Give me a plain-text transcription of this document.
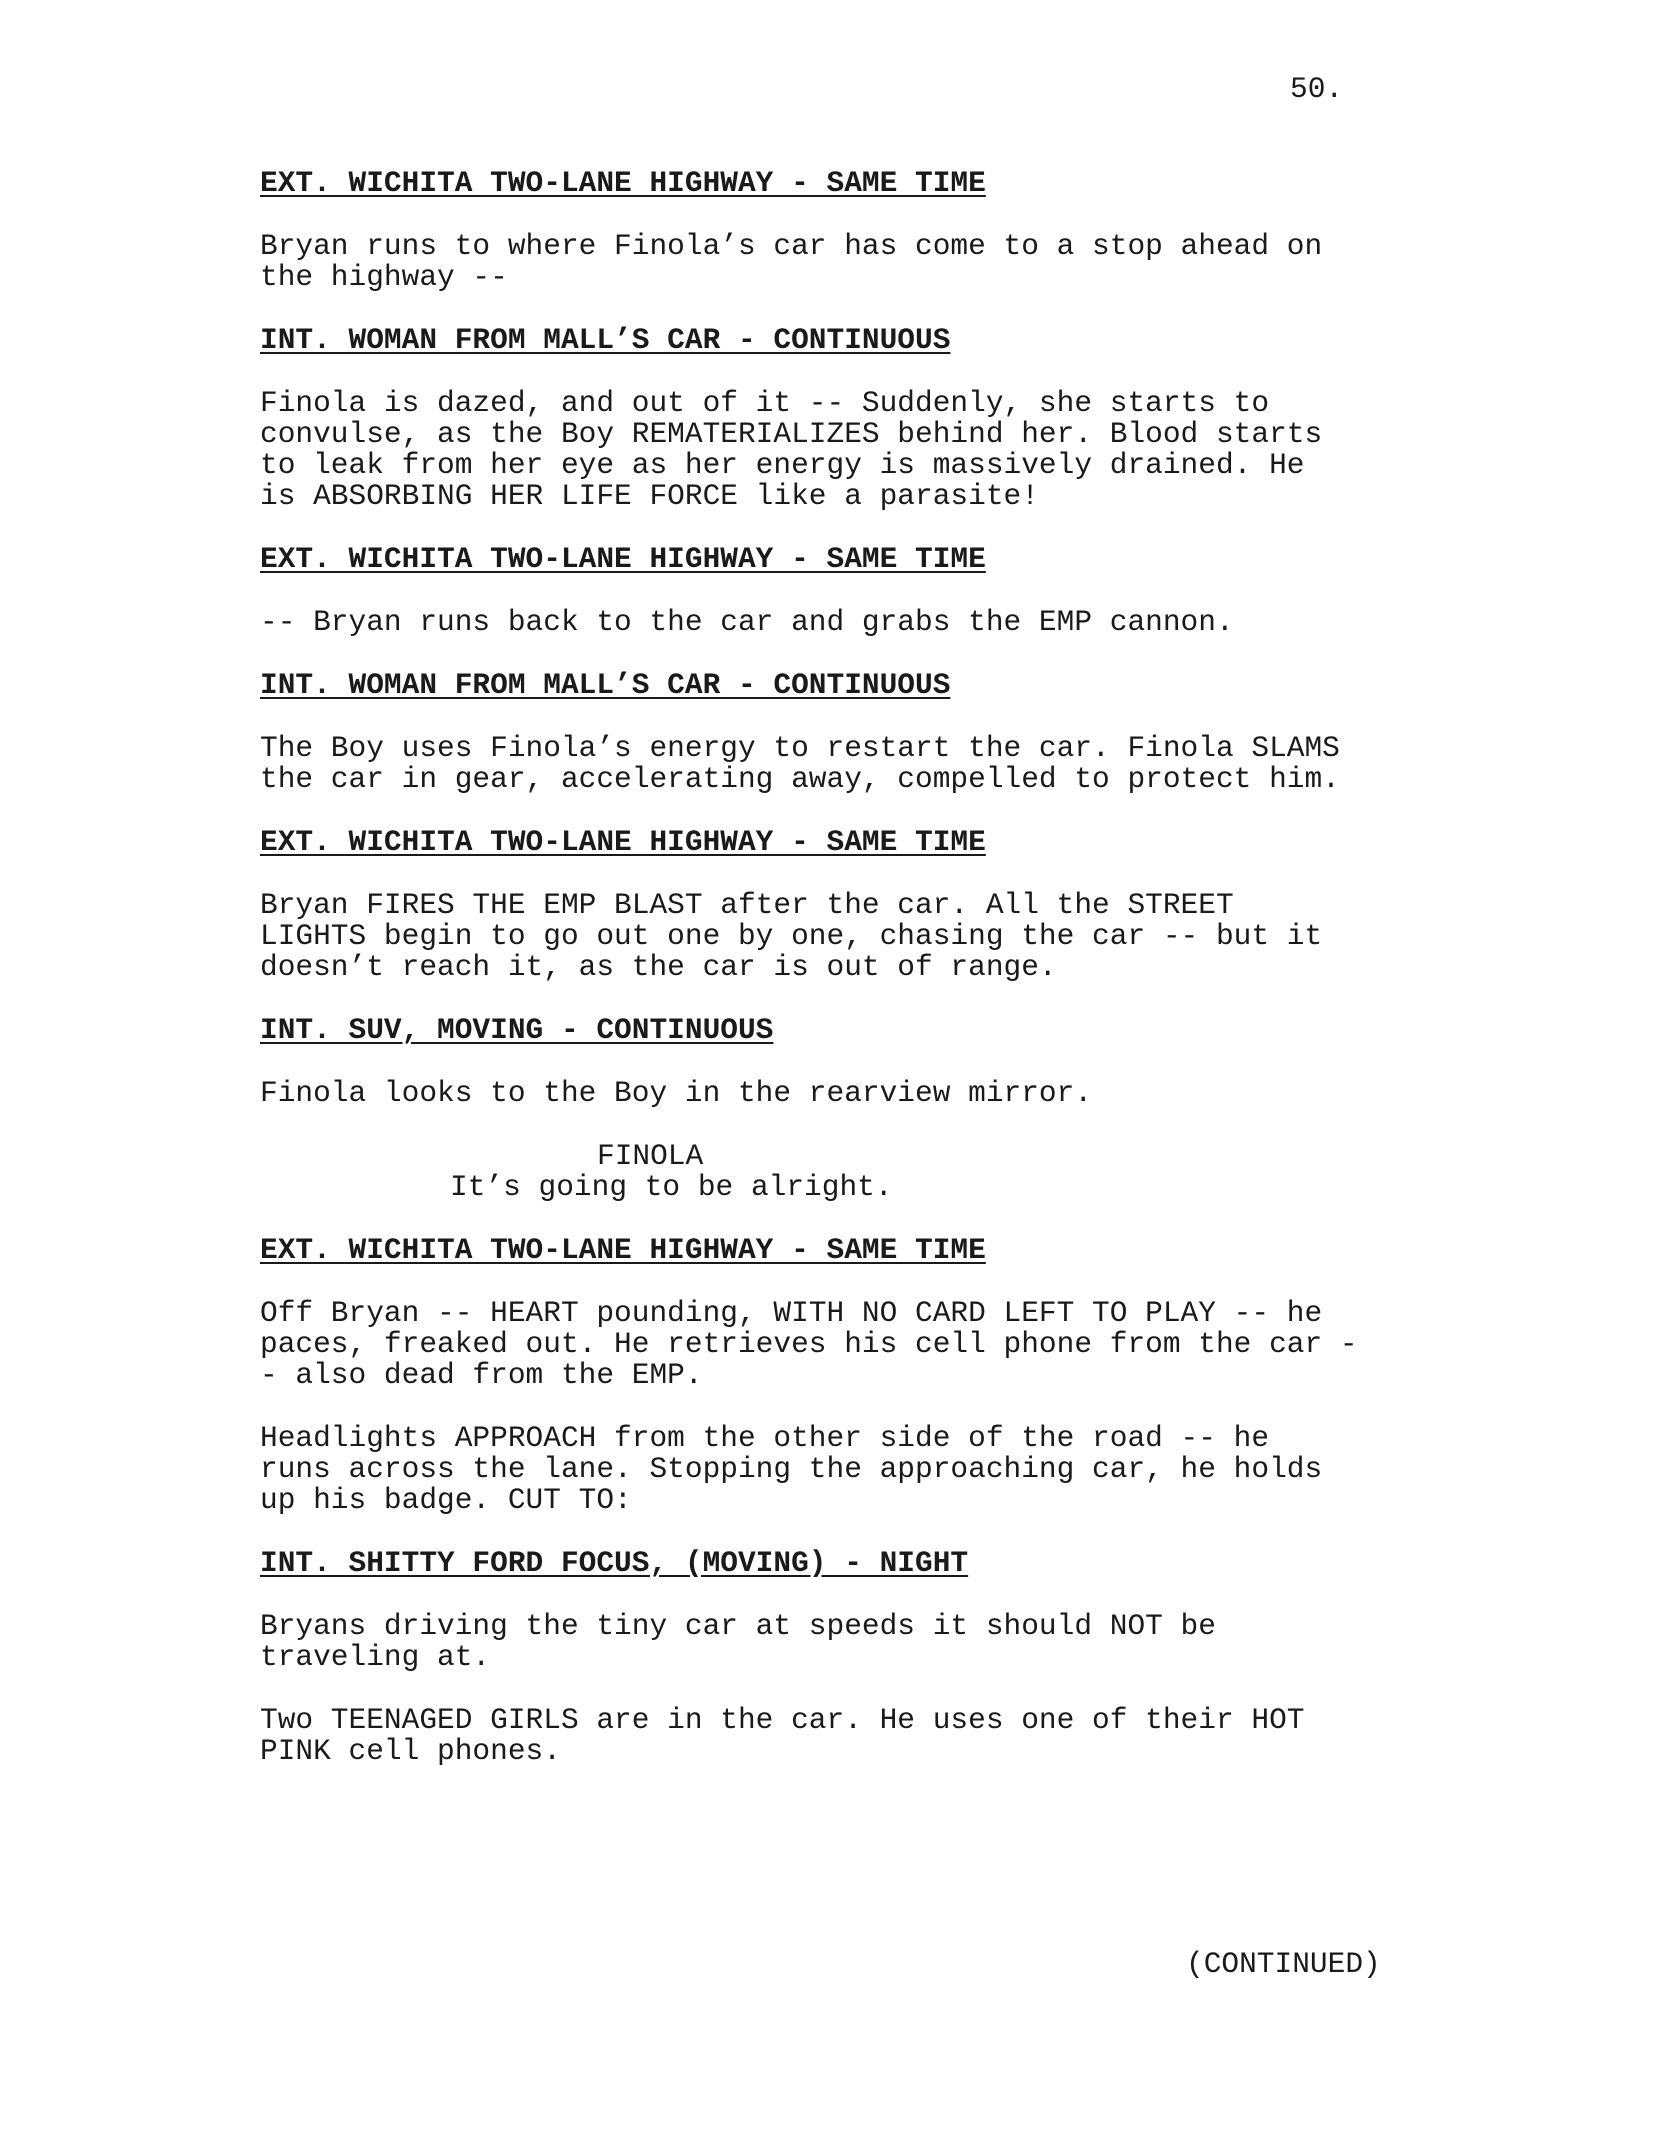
50.
EXT. WICHITA TWO-LANE HIGHWAY - SAME TIME
Bryan runs to where Finola’s car has come to a stop ahead on
the highway --
INT. WOMAN FROM MALL’S CAR - CONTINUOUS
Finola is dazed, and out of it -- Suddenly, she starts to
convulse, as the Boy REMATERIALIZES behind her. Blood starts
to leak from her eye as her energy is massively drained. He
is ABSORBING HER LIFE FORCE like a parasite!
EXT. WICHITA TWO-LANE HIGHWAY - SAME TIME
-- Bryan runs back to the car and grabs the EMP cannon.
INT. WOMAN FROM MALL’S CAR - CONTINUOUS
The Boy uses Finola’s energy to restart the car. Finola SLAMS
the car in gear, accelerating away, compelled to protect him.
EXT. WICHITA TWO-LANE HIGHWAY - SAME TIME
Bryan FIRES THE EMP BLAST after the car. All the STREET
LIGHTS begin to go out one by one, chasing the car -- but it
doesn’t reach it, as the car is out of range.
INT. SUV, MOVING - CONTINUOUS
Finola looks to the Boy in the rearview mirror.
FINOLA
It’s going to be alright.
EXT. WICHITA TWO-LANE HIGHWAY - SAME TIME
Off Bryan -- HEART pounding, WITH NO CARD LEFT TO PLAY -- he
paces, freaked out. He retrieves his cell phone from the car -
- also dead from the EMP.
Headlights APPROACH from the other side of the road -- he
runs across the lane. Stopping the approaching car, he holds
up his badge. CUT TO:
INT. SHITTY FORD FOCUS, (MOVING) - NIGHT
Bryans driving the tiny car at speeds it should NOT be
traveling at.
Two TEENAGED GIRLS are in the car. He uses one of their HOT
PINK cell phones.
(CONTINUED)
